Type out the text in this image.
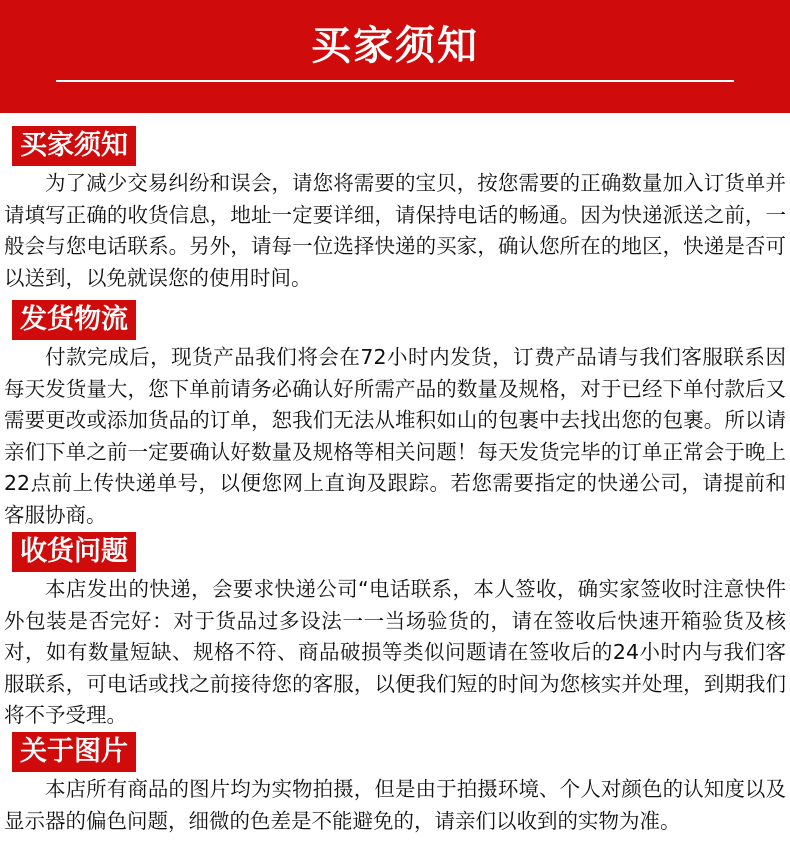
买家须知
买家须知

为了减少交易纠纷和误会，请您将需要的宝贝，按您需要的正确数量加入订货单并请填写正确的收货信息，地址一定要详细，请保持电话的畅通。因为快递派送之前，一般会与您电话联系。另外，请每一位选择快递的买家，确认您所在的地区，快递是否可以送到，以免就误您的使用时间。

发货物流

付款完成后，现货产品我们将会在72小时内发货，订费产品请与我们客服联系因每天发货量大，您下单前请务必确认好所需产品的数量及规格，对于已经下单付款后又需要更改或添加货品的订单，恕我们无法从堆积如山的包裹中去找出您的包裹。所以请亲们下单之前一定要确认好数量及规格等相关问题！每天发货完毕的订单正常会于晚上22点前上传快递单号，以便您网上直询及跟踪。若您需要指定的快递公司，请提前和客服协商。

收货问题

本店发出的快递，会要求快递公司“电话联系，本人签收，确实家签收时注意快件外包装是否完好：对于货品过多设法一一当场验货的，请在签收后快速开箱验货及核对，如有数量短缺、规格不符、商品破损等类似问题请在签收后的24小时内与我们客服联系，可电话或找之前接待您的客服，以便我们短的时间为您核实并处理，到期我们将不予受理。

关于图片

本店所有商品的图片均为实物拍摄，但是由于拍摄环境、个人对颜色的认知度以及显示器的偏色问题，细微的色差是不能避免的，请亲们以收到的实物为准。
